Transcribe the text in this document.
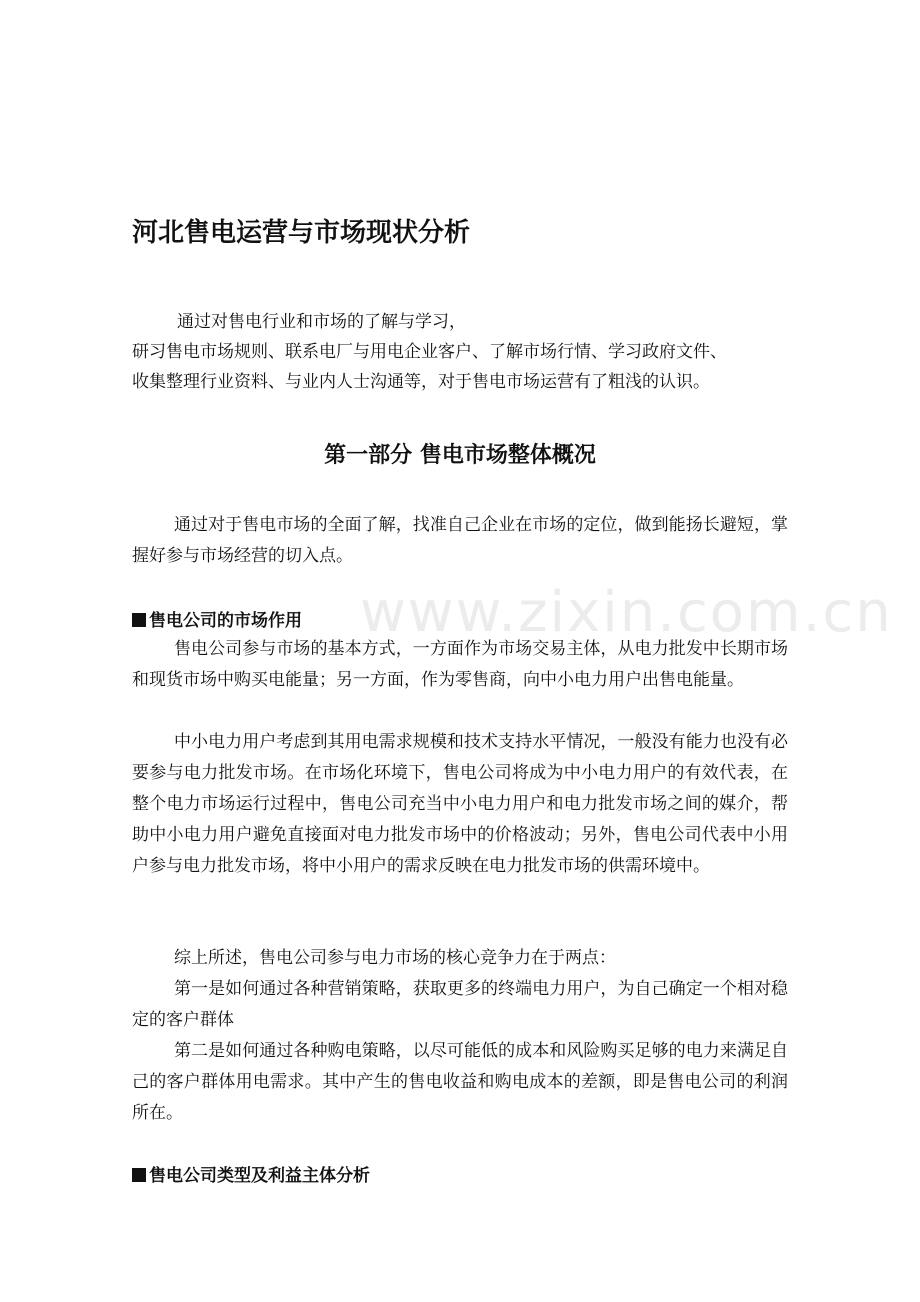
www.zixin.com.cn
河北售电运营与市场现状分析
通过对售电行业和市场的了解与学习，
研习售电市场规则、联系电厂与用电企业客户、了解市场行情、学习政府文件、
收集整理行业资料、与业内人士沟通等，对于售电市场运营有了粗浅的认识。
第一部分 售电市场整体概况

通过对于售电市场的全面了解，找准自己企业在市场的定位，做到能扬长避短，掌握好参与市场经营的切入点。

售电公司的市场作用

售电公司参与市场的基本方式，一方面作为市场交易主体，从电力批发中长期市场和现货市场中购买电能量；另一方面，作为零售商，向中小电力用户出售电能量。

中小电力用户考虑到其用电需求规模和技术支持水平情况，一般没有能力也没有必要参与电力批发市场。在市场化环境下，售电公司将成为中小电力用户的有效代表，在整个电力市场运行过程中，售电公司充当中小电力用户和电力批发市场之间的媒介，帮助中小电力用户避免直接面对电力批发市场中的价格波动；另外，售电公司代表中小用户参与电力批发市场，将中小用户的需求反映在电力批发市场的供需环境中。

综上所述，售电公司参与电力市场的核心竞争力在于两点：

第一是如何通过各种营销策略，获取更多的终端电力用户，为自己确定一个相对稳定的客户群体

第二是如何通过各种购电策略，以尽可能低的成本和风险购买足够的电力来满足自己的客户群体用电需求。其中产生的售电收益和购电成本的差额，即是售电公司的利润所在。

售电公司类型及利益主体分析
